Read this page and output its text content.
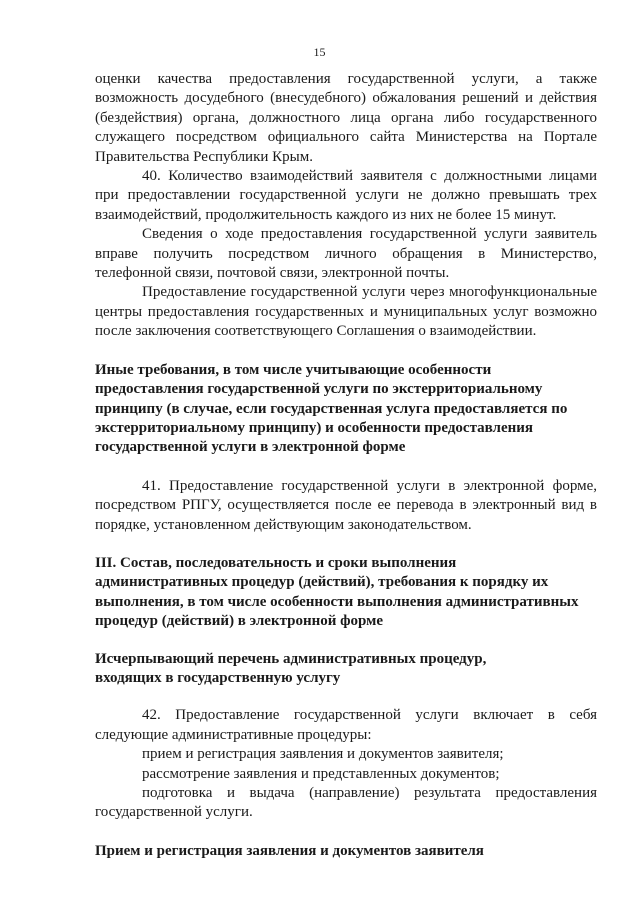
15

оценки качества предоставления государственной услуги, а также возможность досудебного (внесудебного) обжалования решений и действия (бездействия) органа, должностного лица органа либо государственного служащего посредством официального сайта Министерства на Портале Правительства Республики Крым.

40. Количество взаимодействий заявителя с должностными лицами при предоставлении государственной услуги не должно превышать трех взаимодействий, продолжительность каждого из них не более 15 минут.

Сведения о ходе предоставления государственной услуги заявитель вправе получить посредством личного обращения в Министерство, телефонной связи, почтовой связи, электронной почты.

Предоставление государственной услуги через многофункциональные центры предоставления государственных и муниципальных услуг возможно после заключения соответствующего Соглашения о взаимодействии.

Иные требования, в том числе учитывающие особенности

предоставления государственной услуги по экстерриториальному

принципу (в случае, если государственная услуга предоставляется по

экстерриториальному принципу) и особенности предоставления

государственной услуги в электронной форме

41. Предоставление государственной услуги в электронной форме, посредством РПГУ, осуществляется после ее перевода в электронный вид в порядке, установленном действующим законодательством.

III. Состав, последовательность и сроки выполнения

административных процедур (действий), требования к порядку их

выполнения, в том числе особенности выполнения административных

процедур (действий) в электронной форме

Исчерпывающий перечень административных процедур,

входящих в государственную услугу

42. Предоставление государственной услуги включает в себя следующие административные процедуры:

прием и регистрация заявления и документов заявителя;

рассмотрение заявления и представленных документов;

подготовка и выдача (направление) результата предоставления государственной услуги.

Прием и регистрация заявления и документов заявителя
